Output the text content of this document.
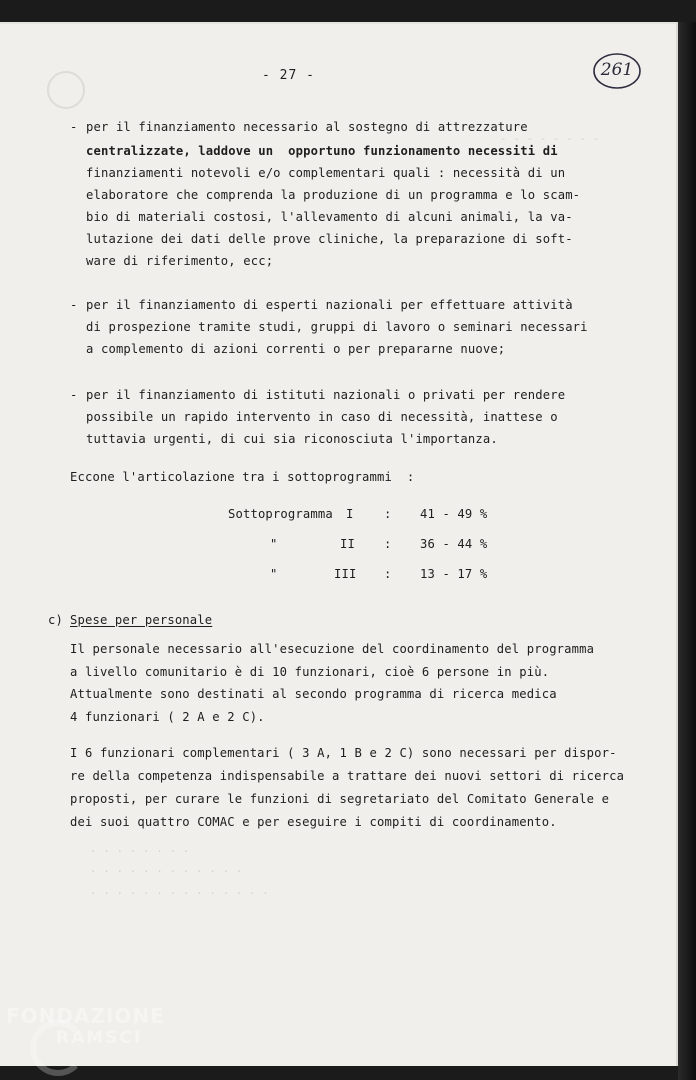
- 27 -	261
- - - - - - - -
. . . . . . . .
. . . . . . . . . . . .
. . . . . . . . . . . . . .
- per il finanziamento necessario al sostegno di attrezzature
centralizzate, laddove un  opportuno funzionamento necessiti di
finanziamenti notevoli e/o complementari quali : necessità di un
elaboratore che comprenda la produzione di un programma e lo scam-
bio di materiali costosi, l'allevamento di alcuni animali, la va-
lutazione dei dati delle prove cliniche, la preparazione di soft-
ware di riferimento, ecc;
- per il finanziamento di esperti nazionali per effettuare attività
di prospezione tramite studi, gruppi di lavoro o seminari necessari
a complemento di azioni correnti o per prepararne nuove;
- per il finanziamento di istituti nazionali o privati per rendere
possibile un rapido intervento in caso di necessità, inattese o
tuttavia urgenti, di cui sia riconosciuta l'importanza.
Eccone l'articolazione tra i sottoprogrammi  :
Sottoprogramma I	: 41 - 49 %
"	II : 36 - 44 %
"	III : 13 - 17 %
c) Spese per personale
Il personale necessario all'esecuzione del coordinamento del programma
a livello comunitario è di 10 funzionari, cioè 6 persone in più.
Attualmente sono destinati al secondo programma di ricerca medica
4 funzionari ( 2 A e 2 C).
I 6 funzionari complementari ( 3 A, 1 B e 2 C) sono necessari per dispor-
re della competenza indispensabile a trattare dei nuovi settori di ricerca
proposti, per curare le funzioni di segretariato del Comitato Generale e
dei suoi quattro COMAC e per eseguire i compiti di coordinamento.
FONDAZIONE
RAMSCI
